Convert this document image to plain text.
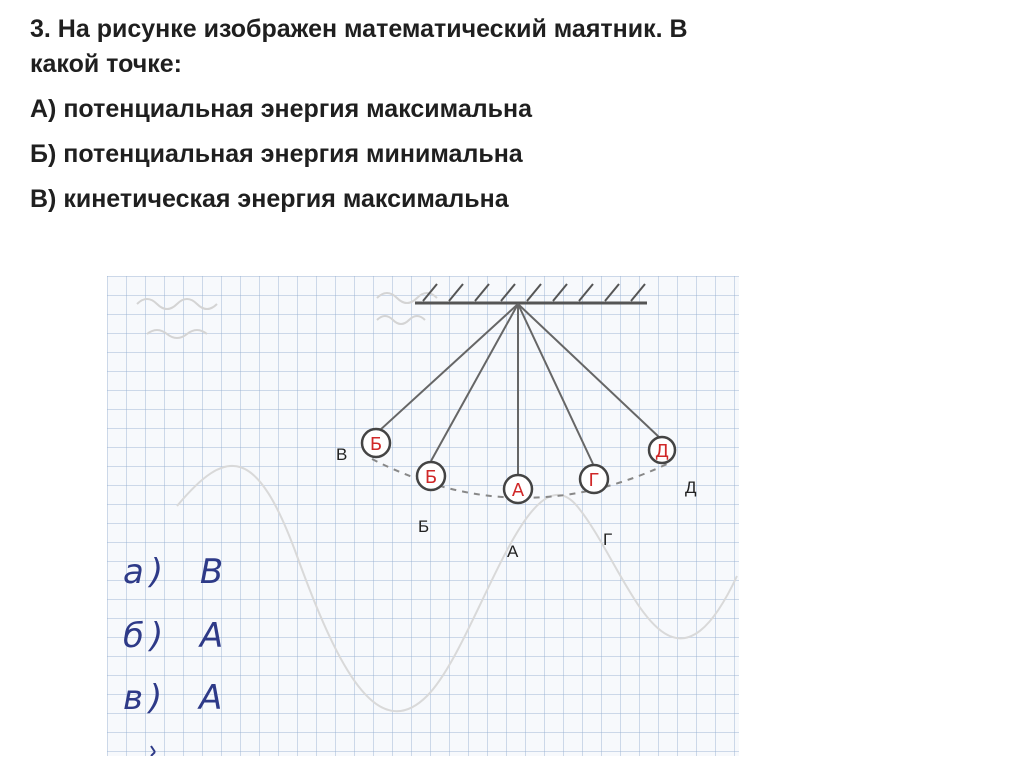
3. На рисунке изображен математический маятник. В

какой точке:

А) потенциальная энергия максимальна

Б) потенциальная энергия минимальна

В) кинетическая энергия максимальна

Б
Б
А	Г
Д
В
Б
А
Г
Д
а) В
б) А
в) А
